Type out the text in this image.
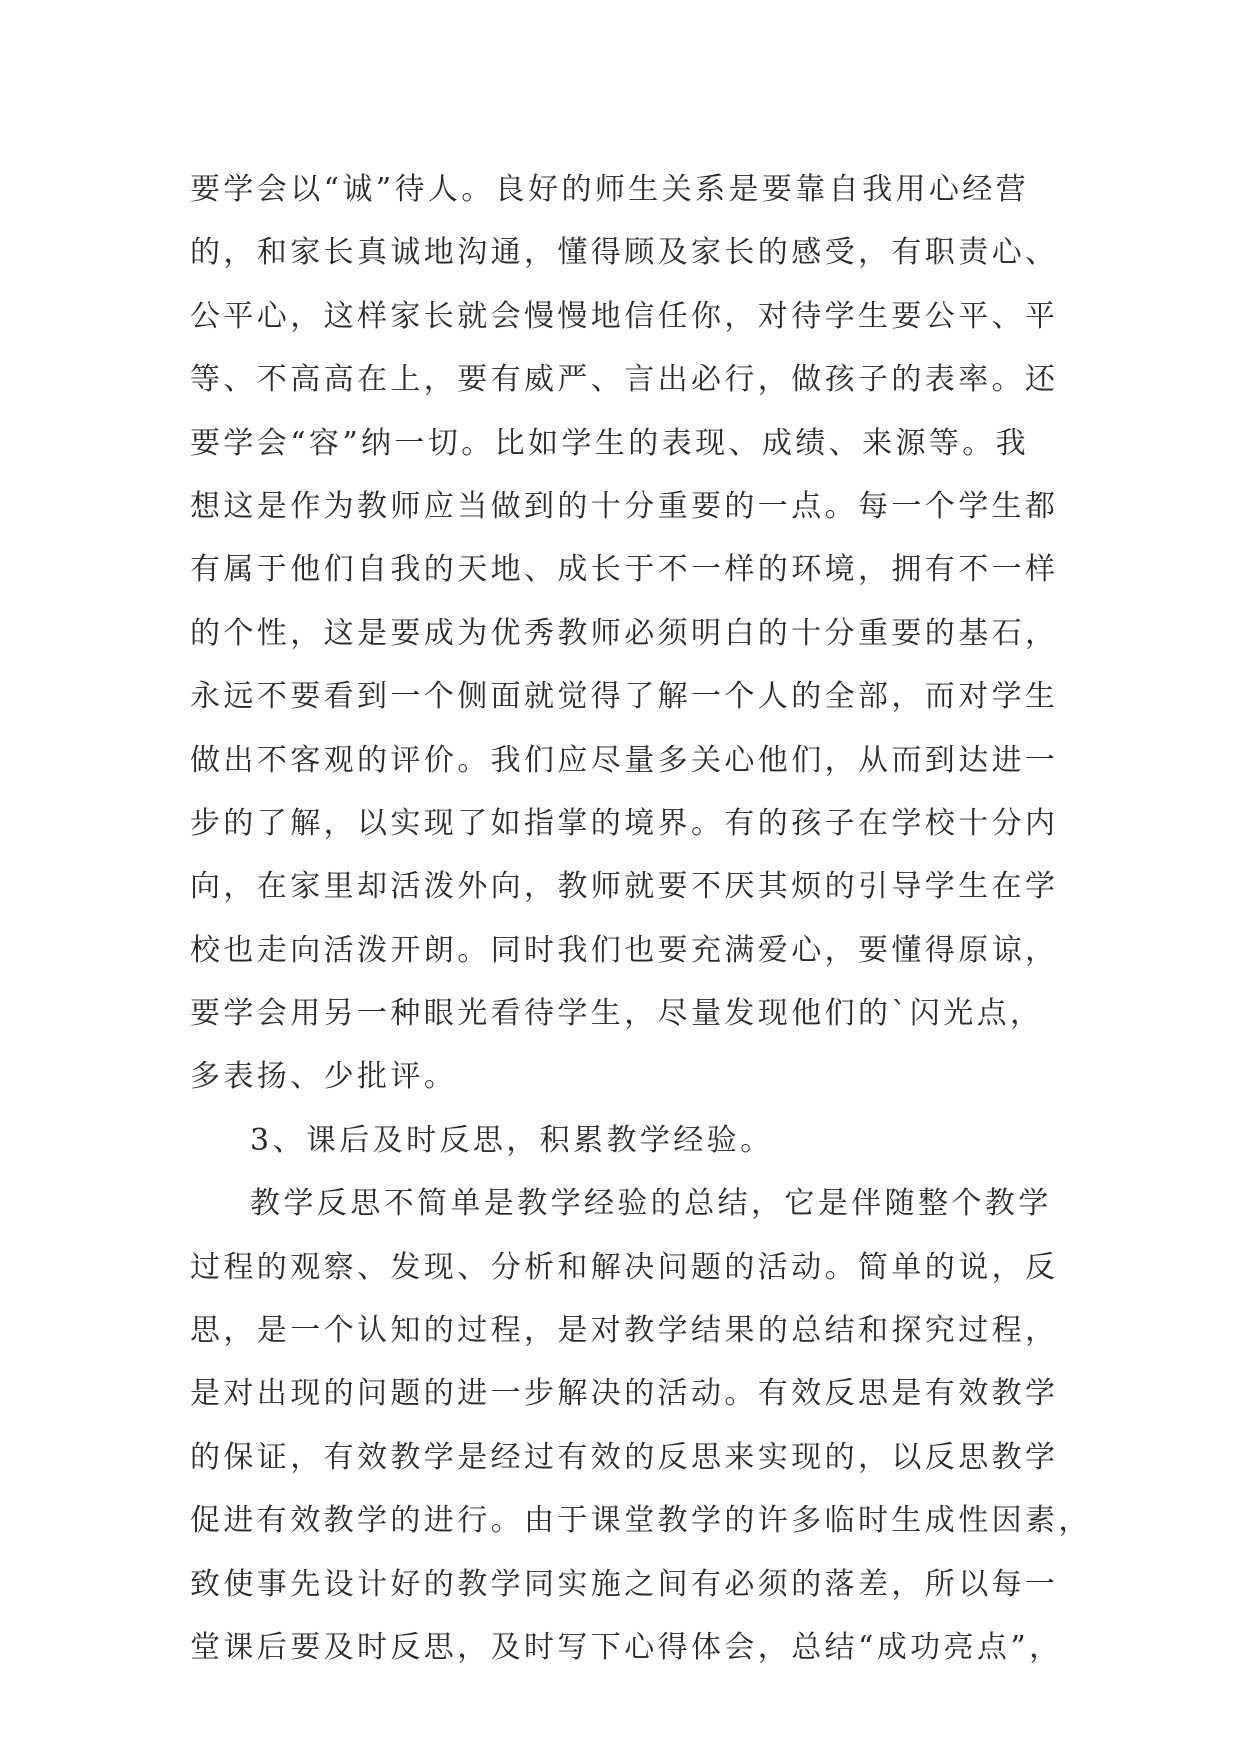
要学会以“诚”待人。良好的师生关系是要靠自我用心经营
的，和家长真诚地沟通，懂得顾及家长的感受，有职责心、
公平心，这样家长就会慢慢地信任你，对待学生要公平、平
等、不高高在上，要有威严、言出必行，做孩子的表率。还
要学会“容”纳一切。比如学生的表现、成绩、来源等。我
想这是作为教师应当做到的十分重要的一点。每一个学生都
有属于他们自我的天地、成长于不一样的环境，拥有不一样
的个性，这是要成为优秀教师必须明白的十分重要的基石，
永远不要看到一个侧面就觉得了解一个人的全部，而对学生
做出不客观的评价。我们应尽量多关心他们，从而到达进一
步的了解，以实现了如指掌的境界。有的孩子在学校十分内
向，在家里却活泼外向，教师就要不厌其烦的引导学生在学
校也走向活泼开朗。同时我们也要充满爱心，要懂得原谅，
要学会用另一种眼光看待学生，尽量发现他们的`闪光点，
多表扬、少批评。
3、课后及时反思，积累教学经验。
教学反思不简单是教学经验的总结，它是伴随整个教学
过程的观察、发现、分析和解决问题的活动。简单的说，反
思，是一个认知的过程，是对教学结果的总结和探究过程，
是对出现的问题的进一步解决的活动。有效反思是有效教学
的保证，有效教学是经过有效的反思来实现的，以反思教学
促进有效教学的进行。由于课堂教学的许多临时生成性因素，
致使事先设计好的教学同实施之间有必须的落差，所以每一
堂课后要及时反思，及时写下心得体会，总结“成功亮点”，
